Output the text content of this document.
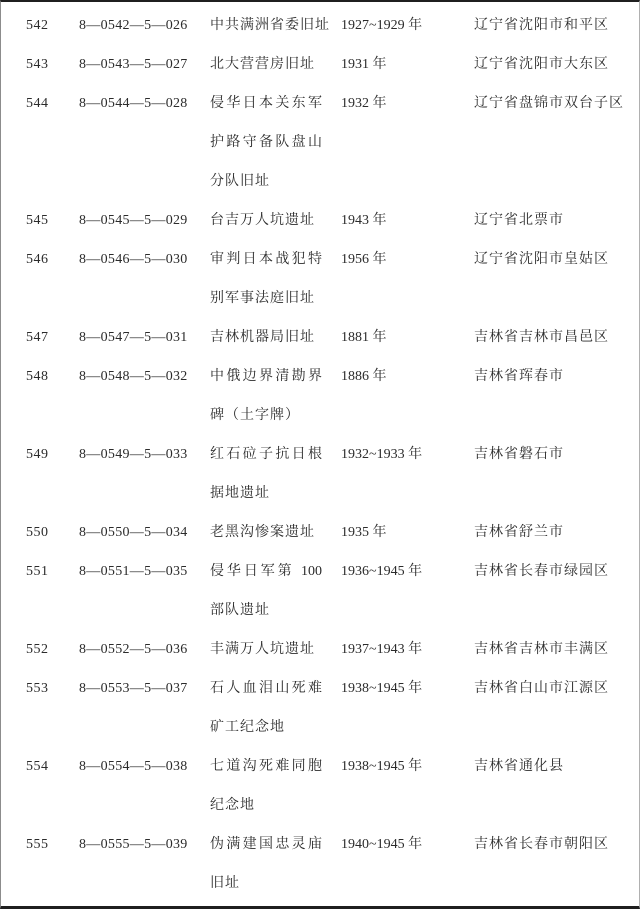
542	8—0542—5—026	中共满洲省委旧址 1927~1929 年	辽宁省沈阳市和平区
543	8—0543—5—027	北大营营房旧址	1931 年	辽宁省沈阳市大东区
544	8—0544—5—028	侵华日本关东军
护路守备队盘山
分队旧址
1932 年	辽宁省盘锦市双台子区
545	8—0545—5—029	台吉万人坑遗址	1943 年	辽宁省北票市
546	8—0546—5—030	审判日本战犯特
别军事法庭旧址
1956 年	辽宁省沈阳市皇姑区
547	8—0547—5—031	吉林机器局旧址	1881 年	吉林省吉林市昌邑区
548	8—0548—5—032	中俄边界清勘界
碑（土字牌）
1886 年	吉林省珲春市
549	8—0549—5—033	红石砬子抗日根
据地遗址
1932~1933 年	吉林省磐石市
550	8—0550—5—034	老黑沟惨案遗址	1935 年	吉林省舒兰市
551	8—0551—5—035	侵华日军第 100
部队遗址
1936~1945 年	吉林省长春市绿园区
552	8—0552—5—036	丰满万人坑遗址	1937~1943 年	吉林省吉林市丰满区
553	8—0553—5—037	石人血泪山死难
矿工纪念地
1938~1945 年	吉林省白山市江源区
554	8—0554—5—038	七道沟死难同胞
纪念地
1938~1945 年	吉林省通化县
555	8—0555—5—039	伪满建国忠灵庙
旧址
1940~1945 年	吉林省长春市朝阳区
